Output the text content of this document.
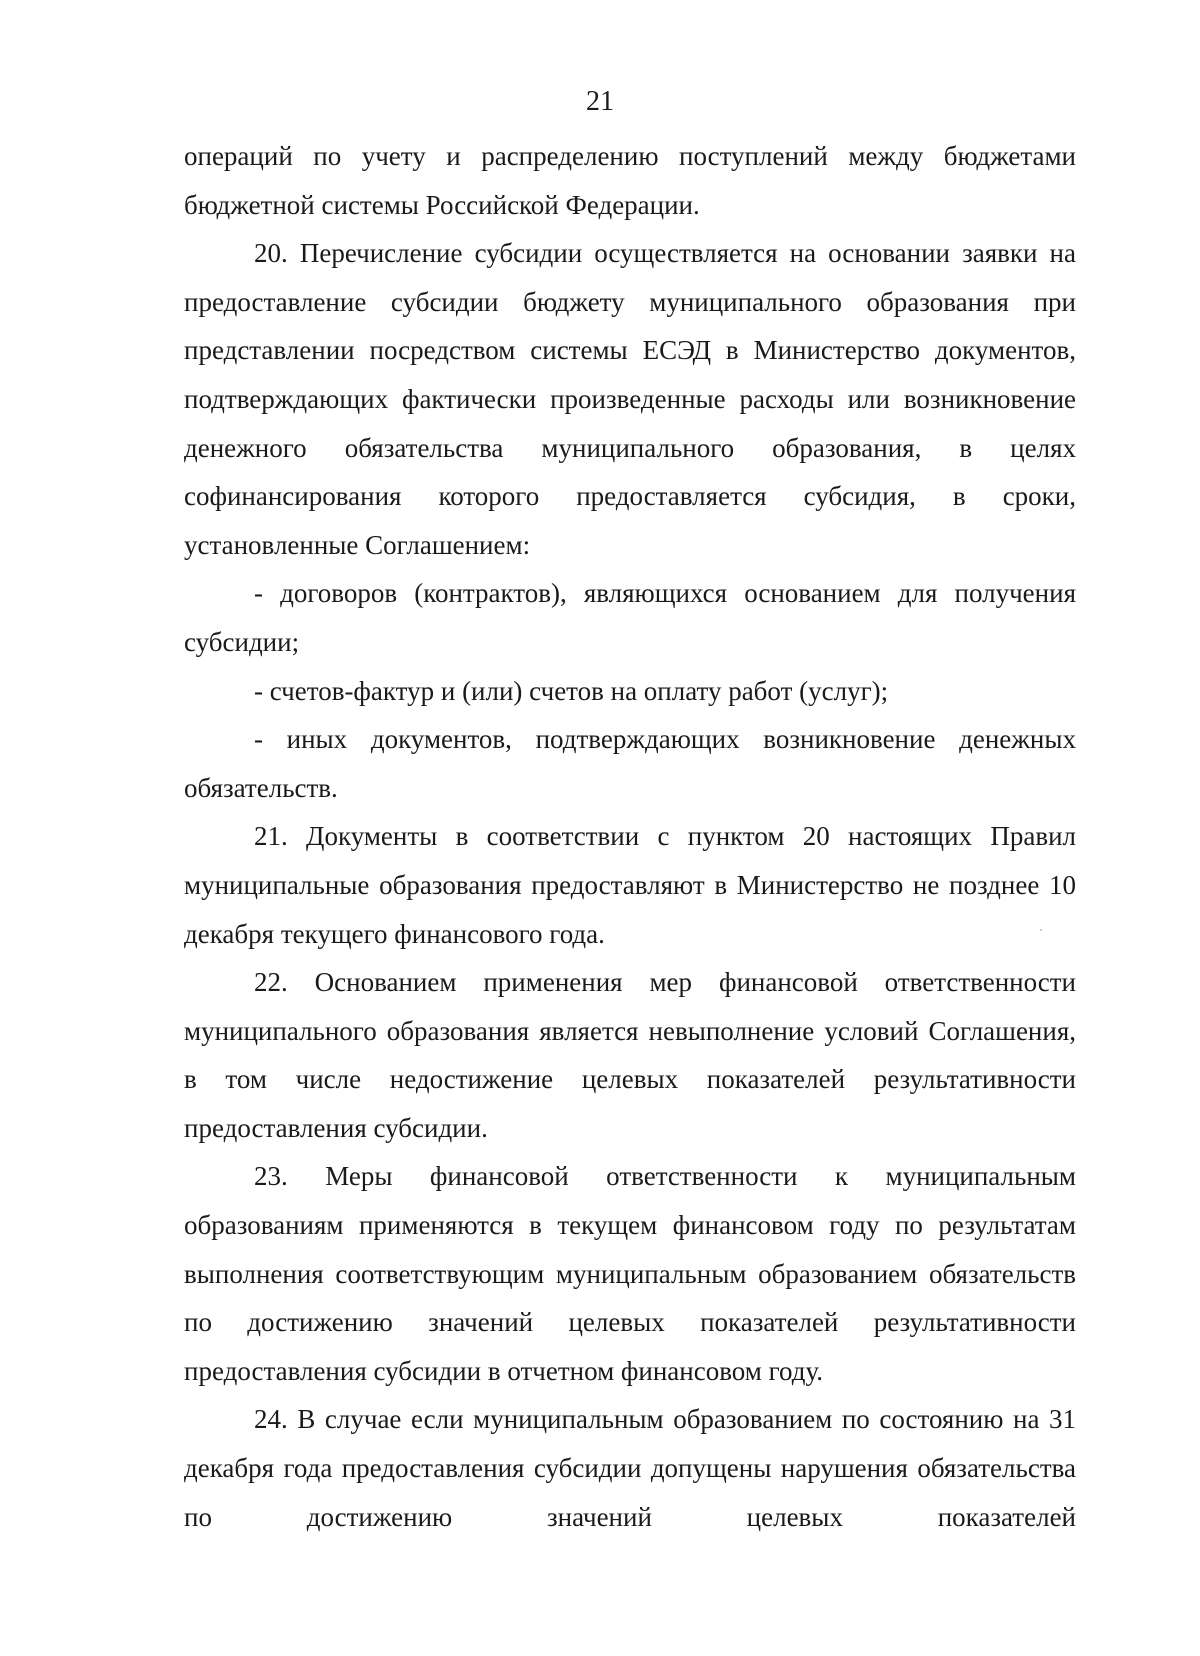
21

операций по учету и распределению поступлений между бюджетами бюджетной системы Российской Федерации.

20. Перечисление субсидии осуществляется на основании заявки на предоставление субсидии бюджету муниципального образования при представлении посредством системы ЕСЭД в Министерство документов, подтверждающих фактически произведенные расходы или возникновение денежного обязательства муниципального образования, в целях софинансирования которого предоставляется субсидия, в сроки, установленные Соглашением:

- договоров (контрактов), являющихся основанием для получения субсидии;

- счетов-фактур и (или) счетов на оплату работ (услуг);

- иных документов, подтверждающих возникновение денежных обязательств.

21. Документы в соответствии с пунктом 20 настоящих Правил муниципальные образования предоставляют в Министерство не позднее 10 декабря текущего финансового года.

22. Основанием применения мер финансовой ответственности муниципального образования является невыполнение условий Соглашения, в том числе недостижение целевых показателей результативности предоставления субсидии.

23. Меры финансовой ответственности к муниципальным образованиям применяются в текущем финансовом году по результатам выполнения соответствующим муниципальным образованием обязательств по достижению значений целевых показателей результативности предоставления субсидии в отчетном финансовом году.

24. В случае если муниципальным образованием по состоянию на 31 декабря года предоставления субсидии допущены нарушения обязательства по достижению значений целевых показателей
